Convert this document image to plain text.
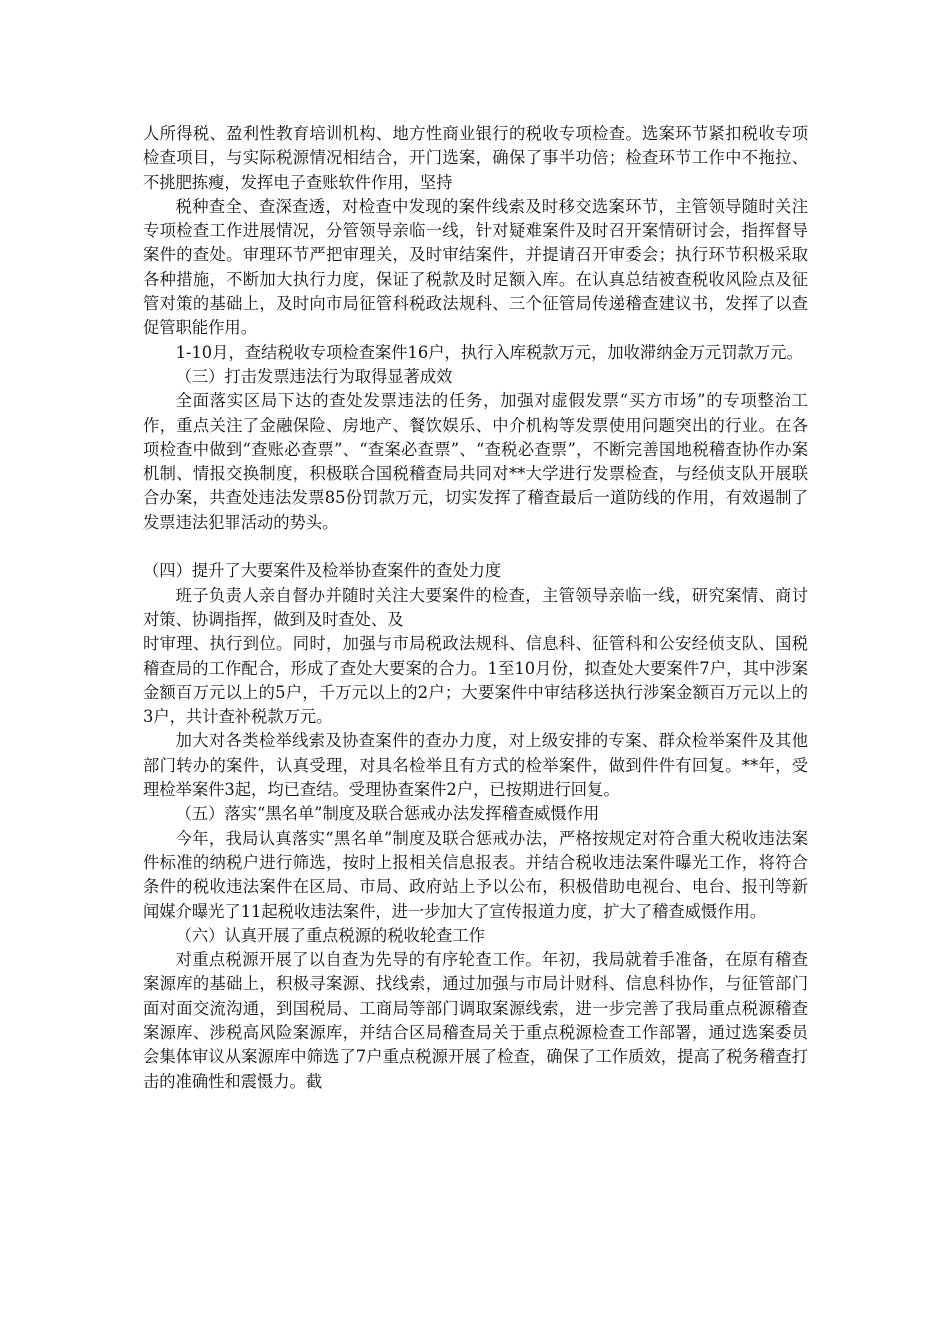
人所得税、盈利性教育培训机构、地方性商业银行的税收专项检查。选案环节紧扣税收专项检查项目，与实际税源情况相结合，开门选案，确保了事半功倍；检查环节工作中不拖拉、不挑肥拣瘦，发挥电子查账软件作用，坚持

税种查全、查深查透，对检查中发现的案件线索及时移交选案环节，主管领导随时关注专项检查工作进展情况，分管领导亲临一线，针对疑难案件及时召开案情研讨会，指挥督导案件的查处。审理环节严把审理关，及时审结案件，并提请召开审委会；执行环节积极采取各种措施，不断加大执行力度，保证了税款及时足额入库。在认真总结被查税收风险点及征管对策的基础上，及时向市局征管科税政法规科、三个征管局传递稽查建议书，发挥了以查促管职能作用。

1-10月，查结税收专项检查案件16户，执行入库税款万元，加收滞纳金万元罚款万元。

（三）打击发票违法行为取得显著成效

全面落实区局下达的查处发票违法的任务，加强对虚假发票“买方市场”的专项整治工作，重点关注了金融保险、房地产、餐饮娱乐、中介机构等发票使用问题突出的行业。在各项检查中做到“查账必查票”、“查案必查票”、“查税必查票”，不断完善国地税稽查协作办案机制、情报交换制度，积极联合国税稽查局共同对**大学进行发票检查，与经侦支队开展联合办案，共查处违法发票85份罚款万元，切实发挥了稽查最后一道防线的作用，有效遏制了发票违法犯罪活动的势头。

（四）提升了大要案件及检举协查案件的查处力度

班子负责人亲自督办并随时关注大要案件的检查，主管领导亲临一线，研究案情、商讨对策、协调指挥，做到及时查处、及

时审理、执行到位。同时，加强与市局税政法规科、信息科、征管科和公安经侦支队、国税稽查局的工作配合，形成了查处大要案的合力。1至10月份，拟查处大要案件7户，其中涉案金额百万元以上的5户，千万元以上的2户；大要案件中审结移送执行涉案金额百万元以上的3户，共计查补税款万元。

加大对各类检举线索及协查案件的查办力度，对上级安排的专案、群众检举案件及其他部门转办的案件，认真受理，对具名检举且有方式的检举案件，做到件件有回复。**年，受理检举案件3起，均已查结。受理协查案件2户，已按期进行回复。

（五）落实“黑名单”制度及联合惩戒办法发挥稽查威慑作用

今年，我局认真落实“黑名单”制度及联合惩戒办法，严格按规定对符合重大税收违法案件标准的纳税户进行筛选，按时上报相关信息报表。并结合税收违法案件曝光工作，将符合条件的税收违法案件在区局、市局、政府站上予以公布，积极借助电视台、电台、报刊等新闻媒介曝光了11起税收违法案件，进一步加大了宣传报道力度，扩大了稽查威慑作用。

（六）认真开展了重点税源的税收轮查工作

对重点税源开展了以自查为先导的有序轮查工作。年初，我局就着手准备，在原有稽查案源库的基础上，积极寻案源、找线索，通过加强与市局计财科、信息科协作，与征管部门面对面交流沟通，到国税局、工商局等部门调取案源线索，进一步完善了我局重点税源稽查案源库、涉税高风险案源库，并结合区局稽查局关于重点税源检查工作部署，通过选案委员会集体审议从案源库中筛选了7户重点税源开展了检查，确保了工作质效，提高了税务稽查打击的准确性和震慑力。截
